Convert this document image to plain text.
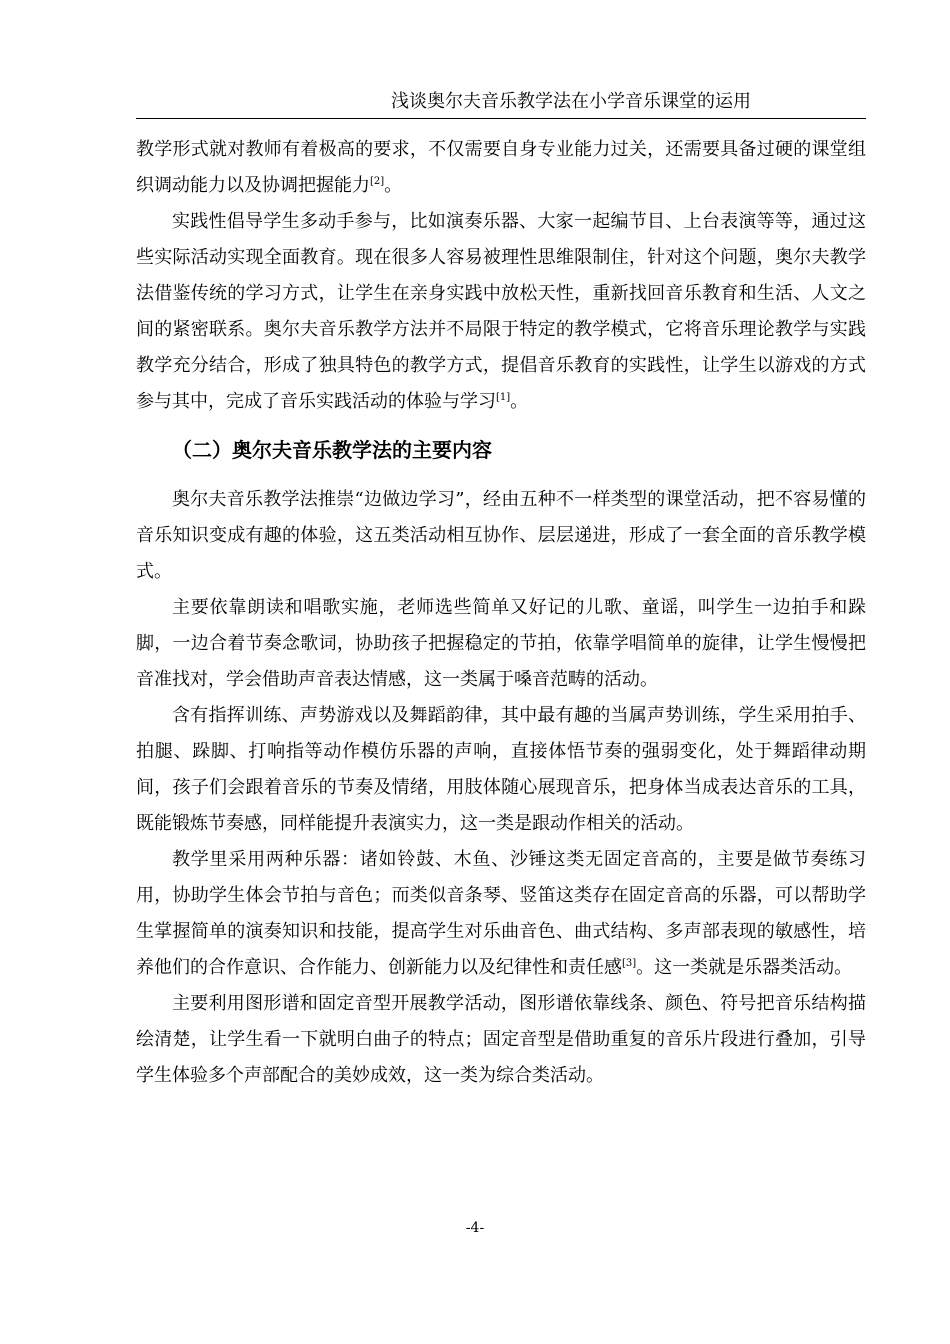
浅谈奥尔夫音乐教学法在小学音乐课堂的运用

教学形式就对教师有着极高的要求，不仅需要自身专业能力过关，还需要具备过硬的课堂组织调动能力以及协调把握能力[2]。

实践性倡导学生多动手参与，比如演奏乐器、大家一起编节目、上台表演等等，通过这些实际活动实现全面教育。现在很多人容易被理性思维限制住，针对这个问题，奥尔夫教学法借鉴传统的学习方式，让学生在亲身实践中放松天性，重新找回音乐教育和生活、人文之间的紧密联系。奥尔夫音乐教学方法并不局限于特定的教学模式，它将音乐理论教学与实践教学充分结合，形成了独具特色的教学方式，提倡音乐教育的实践性，让学生以游戏的方式参与其中，完成了音乐实践活动的体验与学习[1]。

（二）奥尔夫音乐教学法的主要内容

奥尔夫音乐教学法推崇“边做边学习”，经由五种不一样类型的课堂活动，把不容易懂的音乐知识变成有趣的体验，这五类活动相互协作、层层递进，形成了一套全面的音乐教学模式。

主要依靠朗读和唱歌实施，老师选些简单又好记的儿歌、童谣，叫学生一边拍手和跺脚，一边合着节奏念歌词，协助孩子把握稳定的节拍，依靠学唱简单的旋律，让学生慢慢把音准找对，学会借助声音表达情感，这一类属于嗓音范畴的活动。

含有指挥训练、声势游戏以及舞蹈韵律，其中最有趣的当属声势训练，学生采用拍手、拍腿、跺脚、打响指等动作模仿乐器的声响，直接体悟节奏的强弱变化，处于舞蹈律动期间，孩子们会跟着音乐的节奏及情绪，用肢体随心展现音乐，把身体当成表达音乐的工具，既能锻炼节奏感，同样能提升表演实力，这一类是跟动作相关的活动。

教学里采用两种乐器：诸如铃鼓、木鱼、沙锤这类无固定音高的，主要是做节奏练习用，协助学生体会节拍与音色；而类似音条琴、竖笛这类存在固定音高的乐器，可以帮助学生掌握简单的演奏知识和技能，提高学生对乐曲音色、曲式结构、多声部表现的敏感性，培养他们的合作意识、合作能力、创新能力以及纪律性和责任感[3]。这一类就是乐器类活动。

主要利用图形谱和固定音型开展教学活动，图形谱依靠线条、颜色、符号把音乐结构描绘清楚，让学生看一下就明白曲子的特点；固定音型是借助重复的音乐片段进行叠加，引导学生体验多个声部配合的美妙成效，这一类为综合类活动。

-4-
